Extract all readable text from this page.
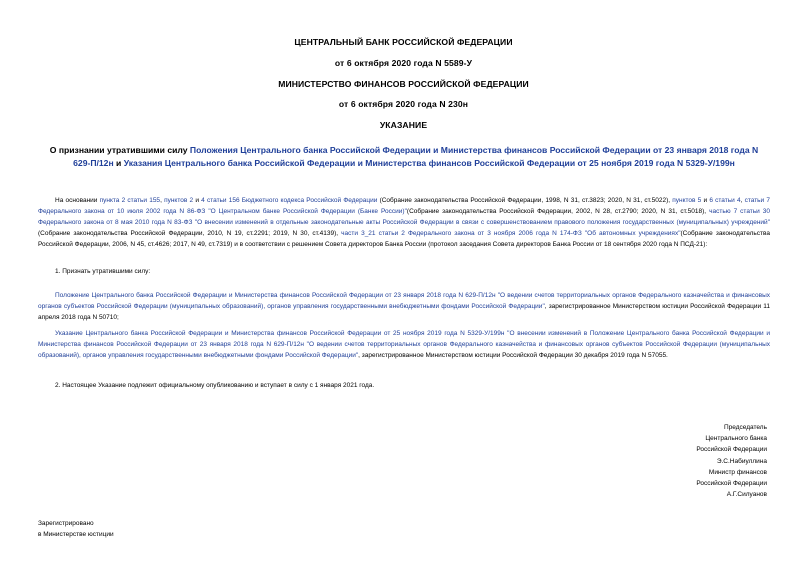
ЦЕНТРАЛЬНЫЙ БАНК РОССИЙСКОЙ ФЕДЕРАЦИИ
от 6 октября 2020 года N 5589-У
МИНИСТЕРСТВО ФИНАНСОВ РОССИЙСКОЙ ФЕДЕРАЦИИ
от 6 октября 2020 года N 230н
УКАЗАНИЕ
О признании утратившими силу Положения Центрального банка Российской Федерации и Министерства финансов Российской Федерации от 23 января 2018 года N 629-П/12н и Указания Центрального банка Российской Федерации и Министерства финансов Российской Федерации от 25 ноября 2019 года N 5329-У/199н
На основании пункта 2 статьи 155, пунктов 2 и 4 статьи 156 Бюджетного кодекса Российской Федерации (Собрание законодательства Российской Федерации, 1998, N 31, ст.3823; 2020, N 31, ст.5022), пунктов 5 и 6 статьи 4, статьи 7 Федерального закона от 10 июля 2002 года N 86-ФЗ "О Центральном банке Российской Федерации (Банке России)"(Собрание законодательства Российской Федерации, 2002, N 28, ст.2790; 2020, N 31, ст.5018), частью 7 статьи 30 Федерального закона от 8 мая 2010 года N 83-ФЗ "О внесении изменений в отдельные законодательные акты Российской Федерации в связи с совершенствованием правового положения государственных (муниципальных) учреждений" (Собрание законодательства Российской Федерации, 2010, N 19, ст.2291; 2019, N 30, ст.4139), части 3_21 статьи 2 Федерального закона от 3 ноября 2006 года N 174-ФЗ "Об автономных учреждениях"(Собрание законодательства Российской Федерации, 2006, N 45, ст.4626; 2017, N 49, ст.7319) и в соответствии с решением Совета директоров Банка России (протокол заседания Совета директоров Банка России от 18 сентября 2020 года N ПСД-21):
1. Признать утратившими силу:
Положение Центрального банка Российской Федерации и Министерства финансов Российской Федерации от 23 января 2018 года N 629-П/12н "О ведении счетов территориальных органов Федерального казначейства и финансовых органов субъектов Российской Федерации (муниципальных образований), органов управления государственными внебюджетными фондами Российской Федерации", зарегистрированное Министерством юстиции Российской Федерации 11 апреля 2018 года N 50710;
Указание Центрального банка Российской Федерации и Министерства финансов Российской Федерации от 25 ноября 2019 года N 5329-У/199н "О внесении изменений в Положение Центрального банка Российской Федерации и Министерства финансов Российской Федерации от 23 января 2018 года N 629-П/12н "О ведении счетов территориальных органов Федерального казначейства и финансовых органов субъектов Российской Федерации (муниципальных образований), органов управления государственными внебюджетными фондами Российской Федерации", зарегистрированное Министерством юстиции Российской Федерации 30 декабря 2019 года N 57055.
2. Настоящее Указание подлежит официальному опубликованию и вступает в силу с 1 января 2021 года.
Председатель
Центрального банка
Российской Федерации
Э.С.Набиуллина
Министр финансов
Российской Федерации
А.Г.Силуанов
Зарегистрировано
в Министерстве юстиции
